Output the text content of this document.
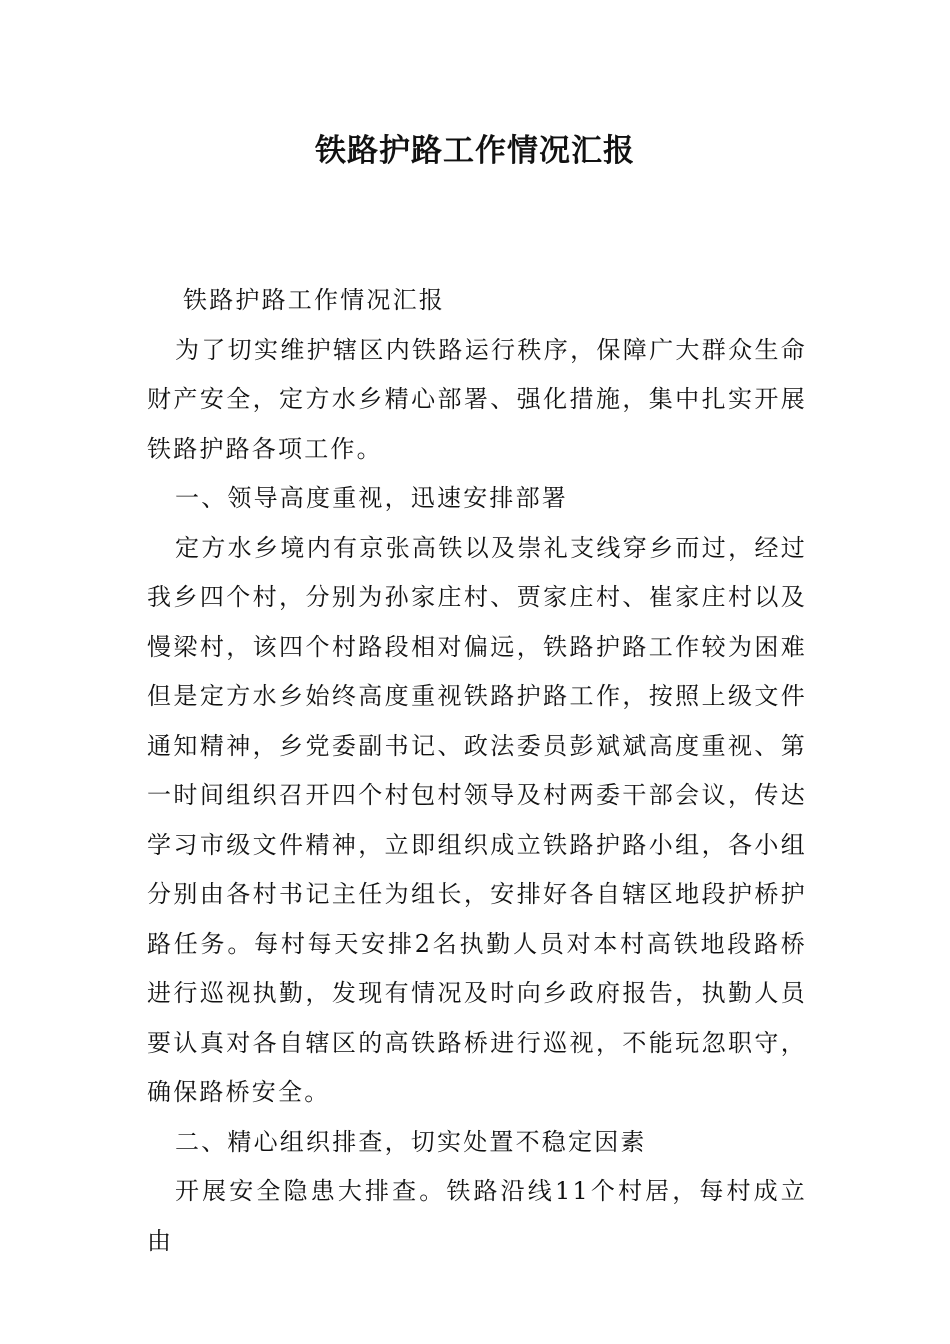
铁路护路工作情况汇报

铁路护路工作情况汇报

为了切实维护辖区内铁路运行秩序，保障广大群众生命财产安全，定方水乡精心部署、强化措施，集中扎实开展铁路护路各项工作。

一、领导高度重视，迅速安排部署

定方水乡境内有京张高铁以及崇礼支线穿乡而过，经过我乡四个村，分别为孙家庄村、贾家庄村、崔家庄村以及慢梁村，该四个村路段相对偏远，铁路护路工作较为困难但是定方水乡始终高度重视铁路护路工作，按照上级文件通知精神，乡党委副书记、政法委员彭斌斌高度重视、第一时间组织召开四个村包村领导及村两委干部会议，传达学习市级文件精神，立即组织成立铁路护路小组，各小组分别由各村书记主任为组长，安排好各自辖区地段护桥护路任务。每村每天安排2名执勤人员对本村高铁地段路桥进行巡视执勤，发现有情况及时向乡政府报告，执勤人员要认真对各自辖区的高铁路桥进行巡视，不能玩忽职守，确保路桥安全。

二、精心组织排查，切实处置不稳定因素

开展安全隐患大排查。铁路沿线11个村居，每村成立由
